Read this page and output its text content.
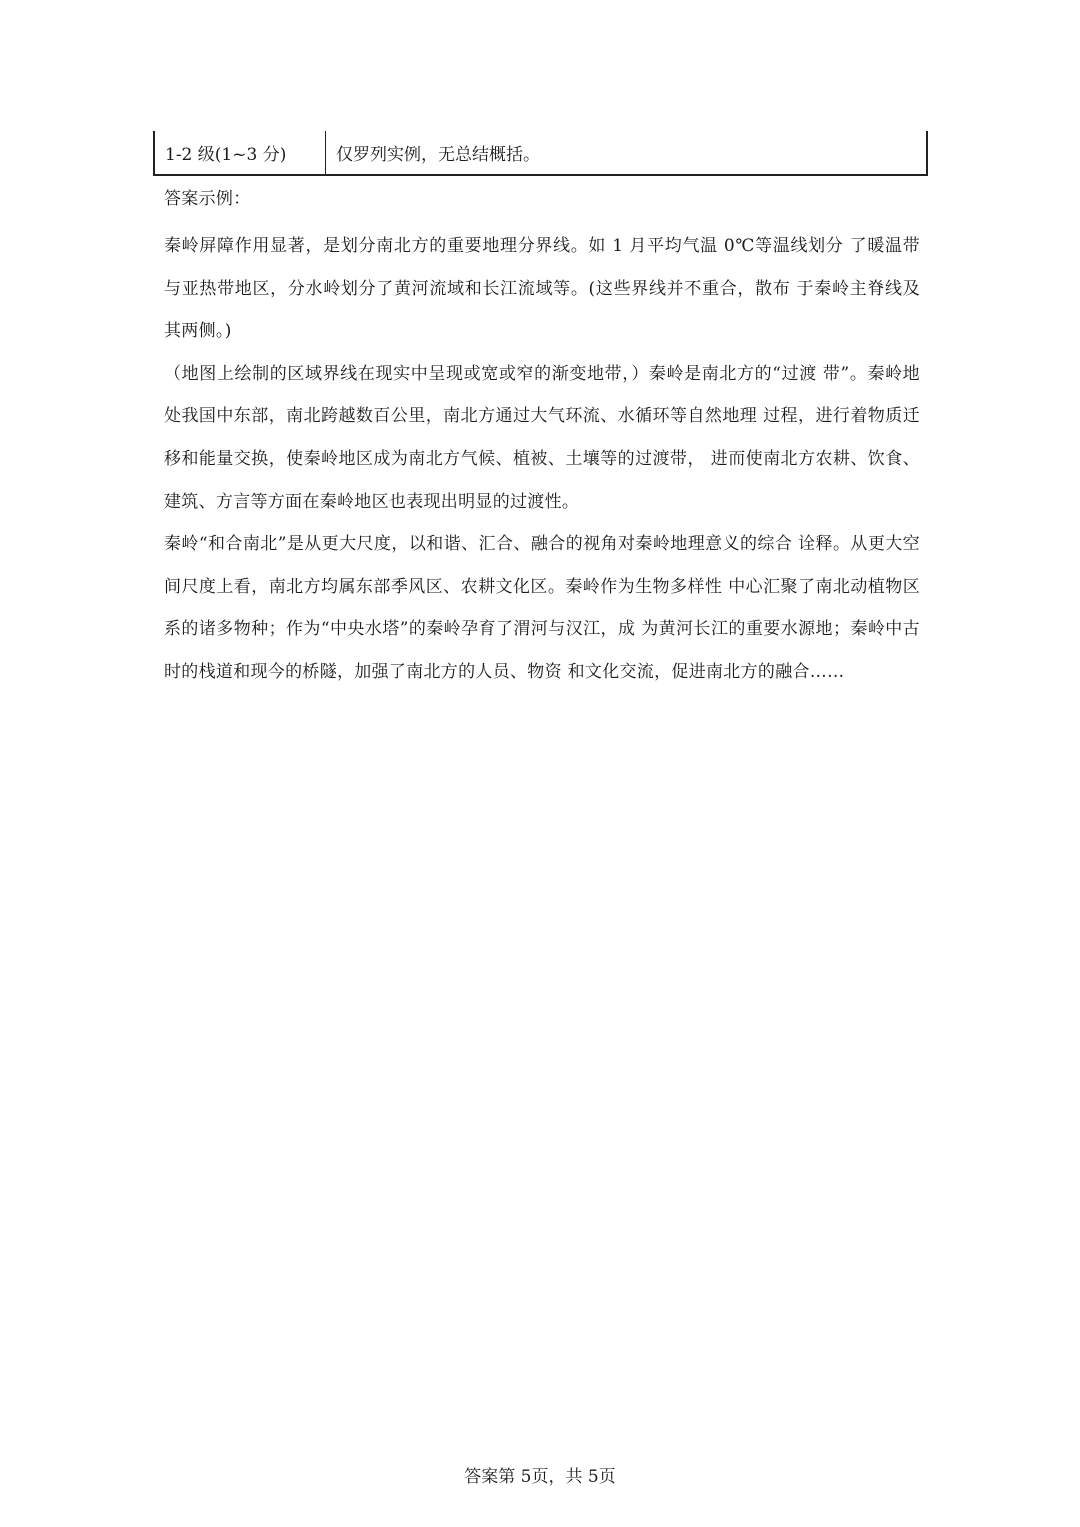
1-2 级(1~3 分)	仅罗列实例，无总结概括。

答案示例：

秦岭屏障作用显著，是划分南北方的重要地理分界线。如 1 月平均气温 0℃等温线划分 了暖温带与亚热带地区，分水岭划分了黄河流域和长江流域等。(这些界线并不重合，散布 于秦岭主脊线及其两侧。)

（地图上绘制的区域界线在现实中呈现或宽或窄的渐变地带，）秦岭是南北方的“过渡 带”。秦岭地处我国中东部，南北跨越数百公里，南北方通过大气环流、水循环等自然地理 过程，进行着物质迁移和能量交换，使秦岭地区成为南北方气候、植被、土壤等的过渡带， 进而使南北方农耕、饮食、建筑、方言等方面在秦岭地区也表现出明显的过渡性。

秦岭“和合南北”是从更大尺度，以和谐、汇合、融合的视角对秦岭地理意义的综合 诠释。从更大空间尺度上看，南北方均属东部季风区、农耕文化区。秦岭作为生物多样性 中心汇聚了南北动植物区系的诸多物种；作为“中央水塔”的秦岭孕育了渭河与汉江，成 为黄河长江的重要水源地；秦岭中古时的栈道和现今的桥隧，加强了南北方的人员、物资 和文化交流，促进南北方的融合……

答案第 5页，共 5页
